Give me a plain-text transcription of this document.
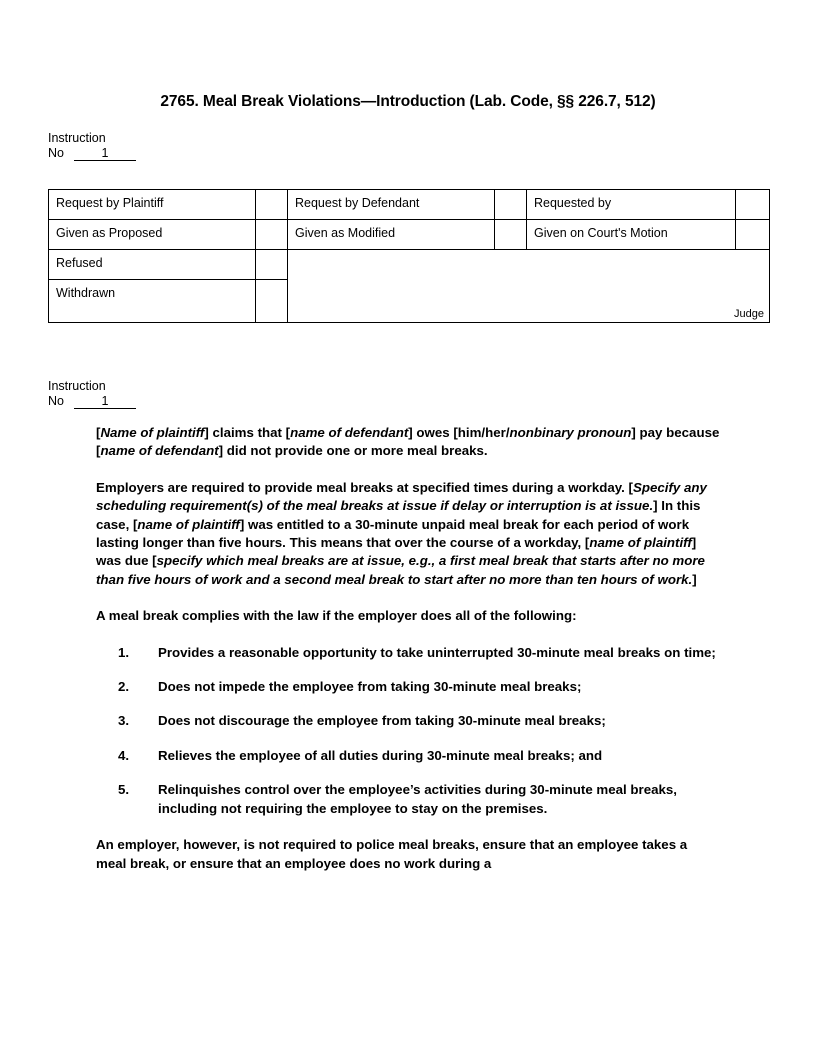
2765. Meal Break Violations—Introduction (Lab. Code, §§ 226.7, 512)
Instruction
No	1
Request by Plaintiff		Request by Defendant		Requested by	
Given as Proposed		Given as Modified		Given on Court's Motion	
Refused		Judge			

Withdrawn					
Instruction
No	1

[Name of plaintiff] claims that [name of defendant] owes [him/her/nonbinary pronoun] pay because [name of defendant] did not provide one or more meal breaks.

Employers are required to provide meal breaks at specified times during a workday. [Specify any scheduling requirement(s) of the meal breaks at issue if delay or interruption is at issue.] In this case, [name of plaintiff] was entitled to a 30-minute unpaid meal break for each period of work lasting longer than five hours. This means that over the course of a workday, [name of plaintiff] was due [specify which meal breaks are at issue, e.g., a first meal break that starts after no more than five hours of work and a second meal break to start after no more than ten hours of work.]

A meal break complies with the law if the employer does all of the following:

1. Provides a reasonable opportunity to take uninterrupted 30-minute meal breaks on time;
2. Does not impede the employee from taking 30-minute meal breaks;
3. Does not discourage the employee from taking 30-minute meal breaks;
4. Relieves the employee of all duties during 30-minute meal breaks; and
5. Relinquishes control over the employee’s activities during 30-minute meal breaks, including not requiring the employee to stay on the premises.

An employer, however, is not required to police meal breaks, ensure that an employee takes a meal break, or ensure that an employee does no work during a
